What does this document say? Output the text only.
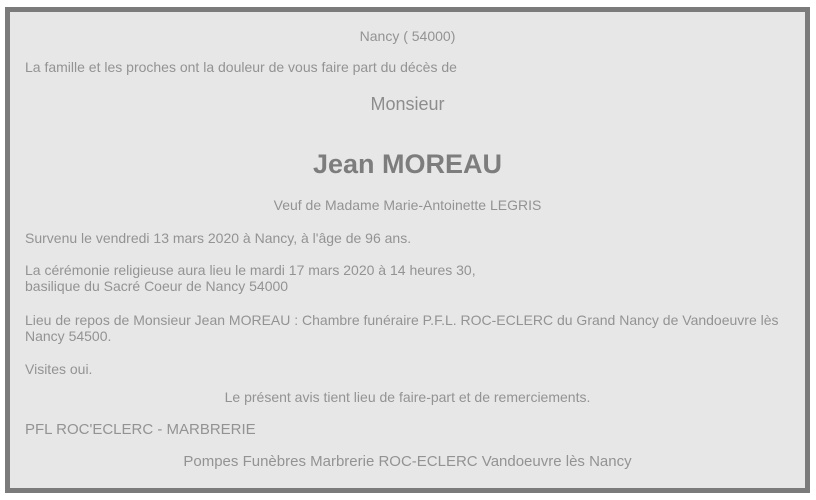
Nancy ( 54000)

La famille et les proches ont la douleur de vous faire part du décès de

Monsieur

Jean MOREAU

Veuf de Madame Marie-Antoinette LEGRIS

Survenu le vendredi 13 mars 2020 à Nancy, à l'âge de 96 ans.

La cérémonie religieuse aura lieu le mardi 17 mars 2020 à 14 heures 30,
basilique du Sacré Coeur de Nancy 54000

Lieu de repos de Monsieur Jean MOREAU : Chambre funéraire P.F.L. ROC-ECLERC du Grand Nancy de Vandoeuvre lès Nancy 54500.

Visites oui.

Le présent avis tient lieu de faire-part et de remerciements.

PFL ROC'ECLERC - MARBRERIE

Pompes Funèbres Marbrerie ROC-ECLERC Vandoeuvre lès Nancy
